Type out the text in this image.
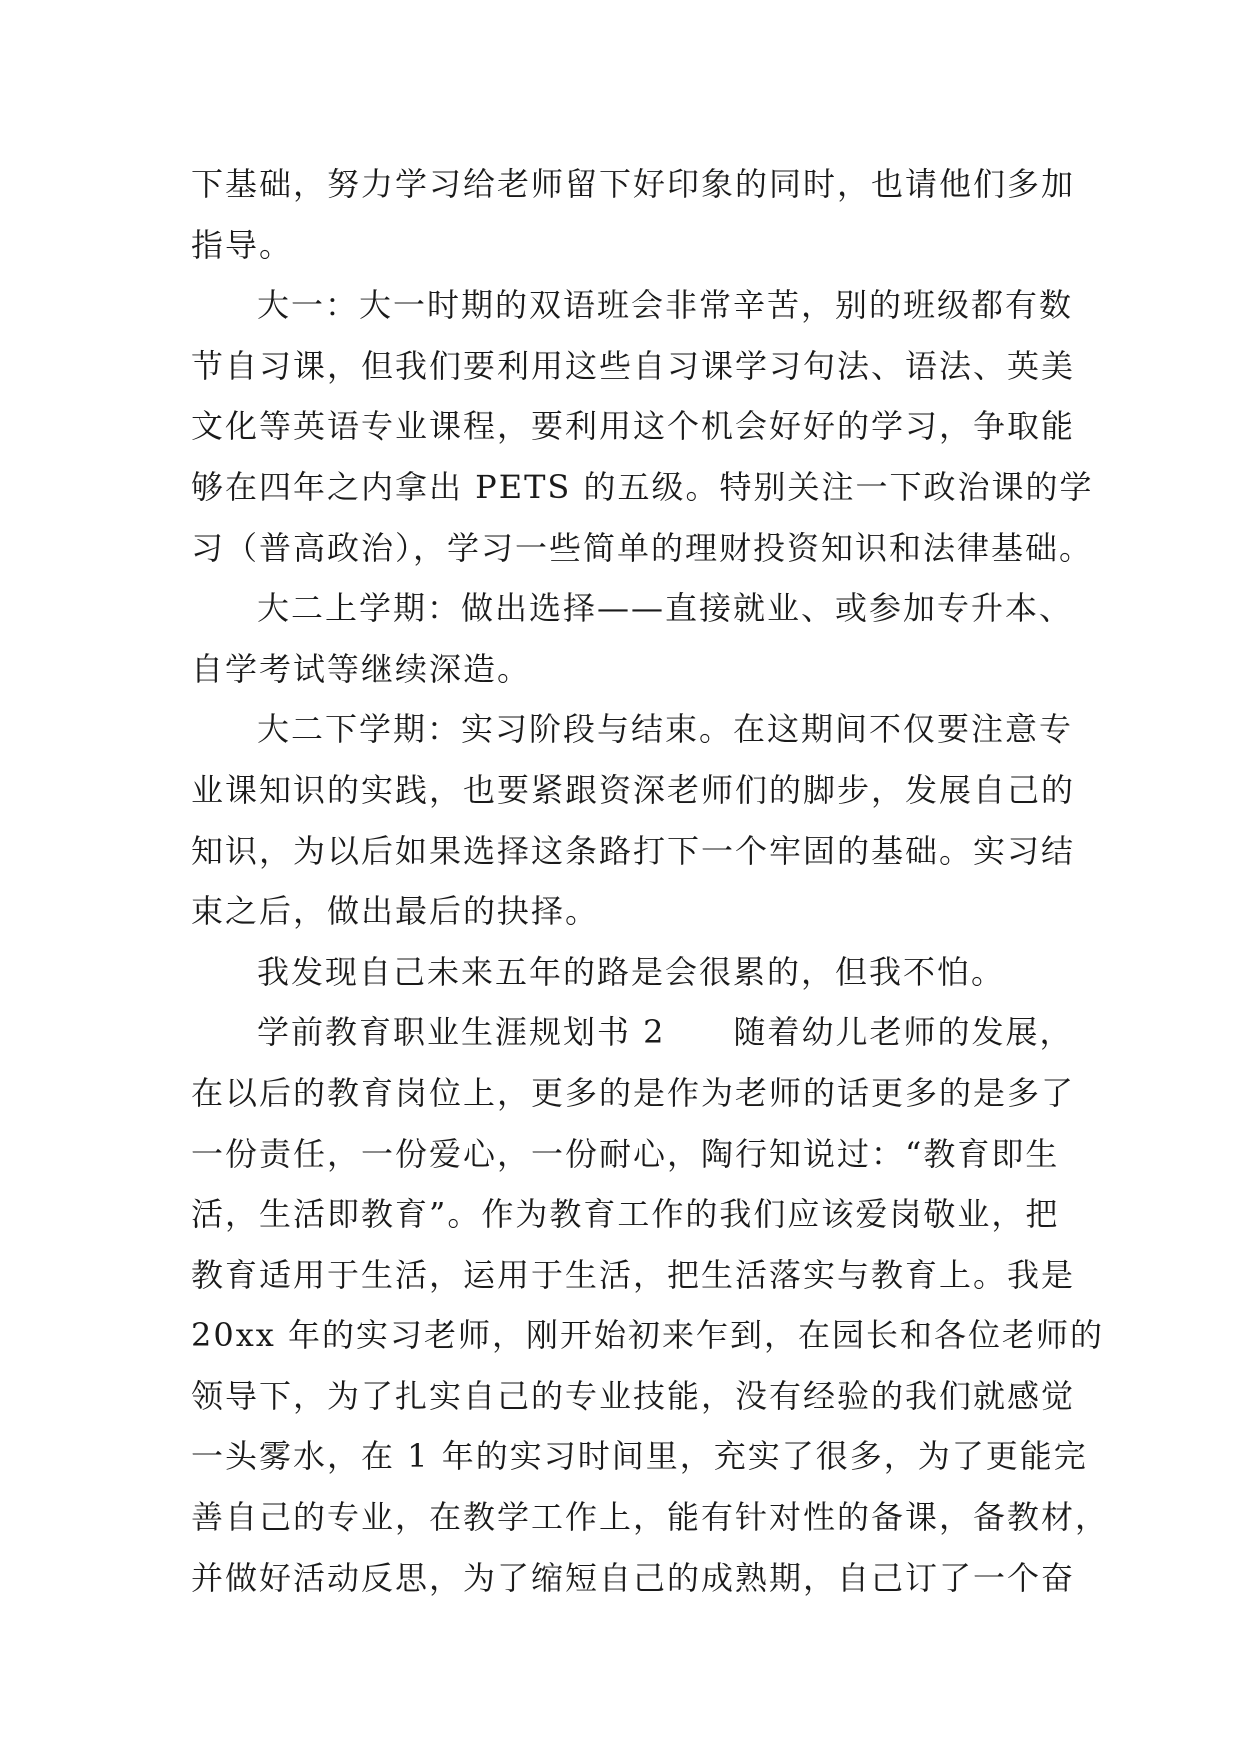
下基础，努力学习给老师留下好印象的同时，也请他们多加
指导。
大一：大一时期的双语班会非常辛苦，别的班级都有数
节自习课，但我们要利用这些自习课学习句法、语法、英美
文化等英语专业课程，要利用这个机会好好的学习，争取能
够在四年之内拿出 PETS 的五级。特别关注一下政治课的学
习（普高政治），学习一些简单的理财投资知识和法律基础。
大二上学期：做出选择——直接就业、或参加专升本、
自学考试等继续深造。
大二下学期：实习阶段与结束。在这期间不仅要注意专
业课知识的实践，也要紧跟资深老师们的脚步，发展自己的
知识，为以后如果选择这条路打下一个牢固的基础。实习结
束之后，做出最后的抉择。
我发现自己未来五年的路是会很累的，但我不怕。
学前教育职业生涯规划书 2　　随着幼儿老师的发展，
在以后的教育岗位上，更多的是作为老师的话更多的是多了
一份责任，一份爱心，一份耐心，陶行知说过：“教育即生
活，生活即教育”。作为教育工作的我们应该爱岗敬业，把
教育适用于生活，运用于生活，把生活落实与教育上。我是
20xx 年的实习老师，刚开始初来乍到，在园长和各位老师的
领导下，为了扎实自己的专业技能，没有经验的我们就感觉
一头雾水，在 1 年的实习时间里，充实了很多，为了更能完
善自己的专业，在教学工作上，能有针对性的备课，备教材，
并做好活动反思，为了缩短自己的成熟期，自己订了一个奋
